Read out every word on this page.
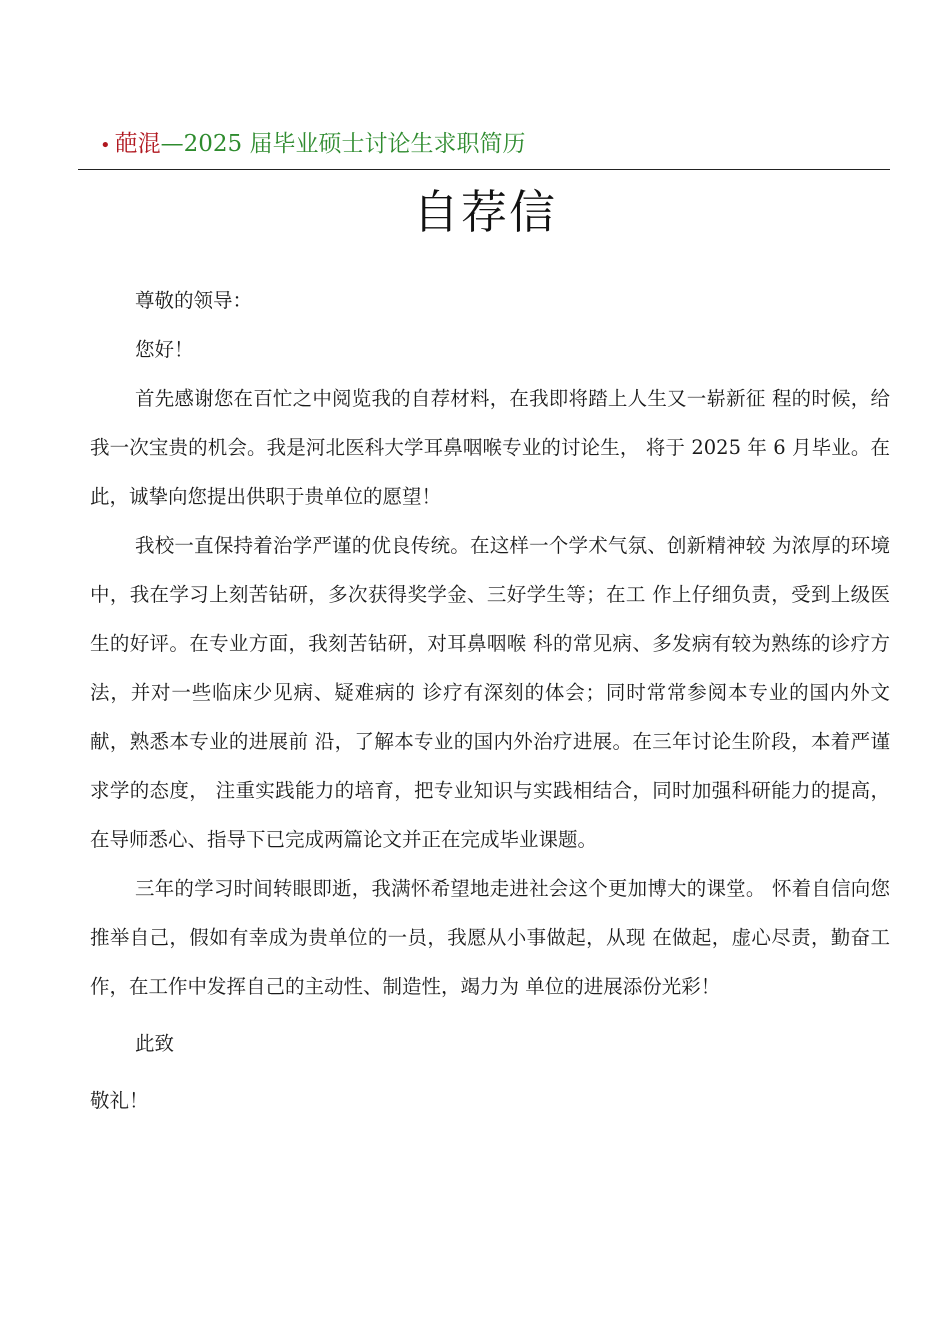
• 葩混—2025 届毕业硕士讨论生求职简历
自荐信

尊敬的领导：

您好！

首先感谢您在百忙之中阅览我的自荐材料，在我即将踏上人生又一崭新征 程的时候，给我一次宝贵的机会。我是河北医科大学耳鼻咽喉专业的讨论生， 将于 2025 年 6 月毕业。在此，诚挚向您提出供职于贵单位的愿望！

我校一直保持着治学严谨的优良传统。在这样一个学术气氛、创新精神较 为浓厚的环境中，我在学习上刻苦钻研，多次获得奖学金、三好学生等；在工 作上仔细负责，受到上级医生的好评。在专业方面，我刻苦钻研，对耳鼻咽喉 科的常见病、多发病有较为熟练的诊疗方法，并对一些临床少见病、疑难病的 诊疗有深刻的体会；同时常常参阅本专业的国内外文献，熟悉本专业的进展前 沿，了解本专业的国内外治疗进展。在三年讨论生阶段，本着严谨求学的态度， 注重实践能力的培育，把专业知识与实践相结合，同时加强科研能力的提高， 在导师悉心、指导下已完成两篇论文并正在完成毕业课题。

三年的学习时间转眼即逝，我满怀希望地走进社会这个更加博大的课堂。 怀着自信向您推举自己，假如有幸成为贵单位的一员，我愿从小事做起，从现 在做起，虚心尽责，勤奋工作，在工作中发挥自己的主动性、制造性，竭力为 单位的进展添份光彩！

此致

敬礼！
